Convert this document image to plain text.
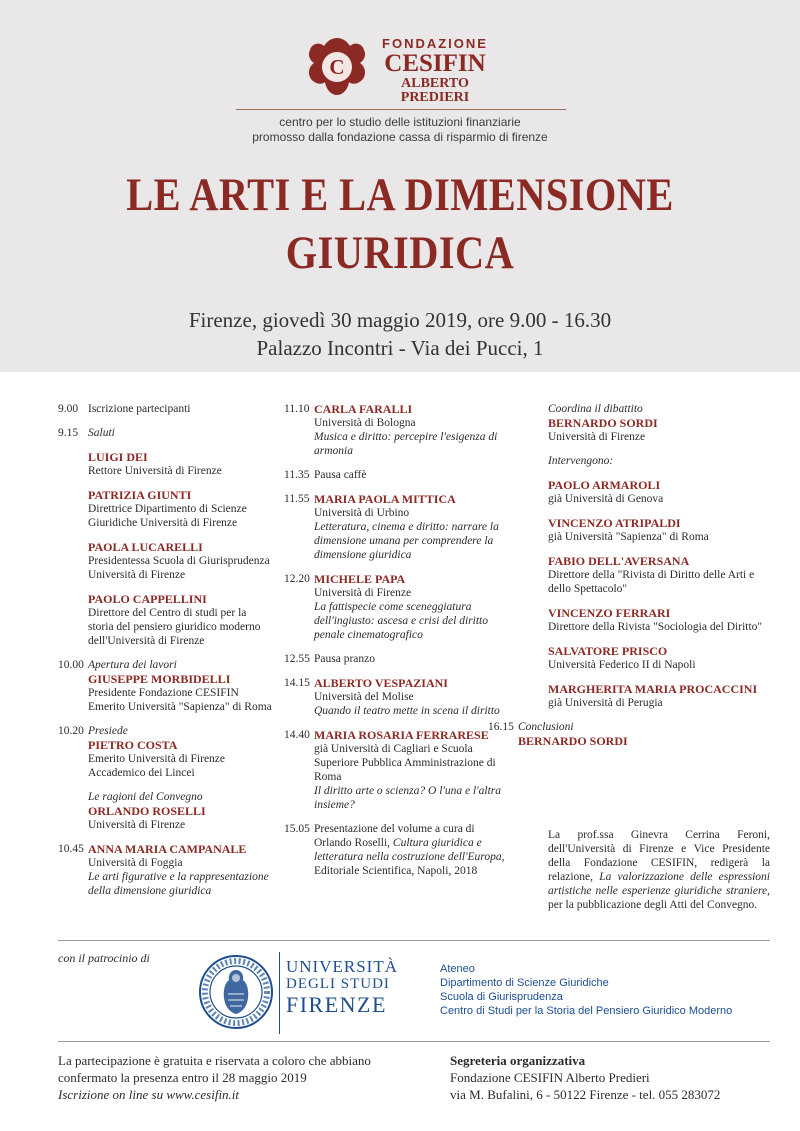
C
FONDAZIONE
CESIFIN
ALBERTO PREDIERI
centro per lo studio delle istituzioni finanziarie
promosso dalla fondazione cassa di risparmio di firenze
LE ARTI E LA DIMENSIONE
GIURIDICA
Firenze, giovedì 30 maggio 2019, ore 9.00 - 16.30
Palazzo Incontri - Via dei Pucci, 1
9.00 Iscrizione partecipanti
9.15 Saluti
LUIGI DEI
Rettore Università di Firenze
PATRIZIA GIUNTI
Direttrice Dipartimento di Scienze Giuridiche Università di Firenze
PAOLA LUCARELLI
Presidentessa Scuola di Giurisprudenza Università di Firenze
PAOLO CAPPELLINI
Direttore del Centro di studi per la storia del pensiero giuridico moderno dell'Università di Firenze
10.00 Apertura dei lavori
GIUSEPPE MORBIDELLI
Presidente Fondazione CESIFIN Emerito Università "Sapienza" di Roma
10.20 Presiede
PIETRO COSTA
Emerito Università di Firenze Accademico dei Lincei
Le ragioni del Convegno
ORLANDO ROSELLI
Università di Firenze
10.45 ANNA MARIA CAMPANALE
Università di Foggia
Le arti figurative e la rappresentazione della dimensione giuridica
11.10 CARLA FARALLI
Università di Bologna
Musica e diritto: percepire l'esigenza di armonia
11.35 Pausa caffè
11.55 MARIA PAOLA MITTICA
Università di Urbino
Letteratura, cinema e diritto: narrare la dimensione umana per comprendere la dimensione giuridica
12.20 MICHELE PAPA
Università di Firenze
La fattispecie come sceneggiatura dell'ingiusto: ascesa e crisi del diritto penale cinematografico
12.55 Pausa pranzo
14.15 ALBERTO VESPAZIANI
Università del Molise
Quando il teatro mette in scena il diritto
14.40 MARIA ROSARIA FERRARESE
già Università di Cagliari e Scuola Superiore Pubblica Amministrazione di Roma
Il diritto arte o scienza? O l'una e l'altra insieme?
15.05 Presentazione del volume a cura di Orlando Roselli, Cultura giuridica e letteratura nella costruzione dell'Europa, Editoriale Scientifica, Napoli, 2018
Coordina il dibattito
BERNARDO SORDI
Università di Firenze
Intervengono:
PAOLO ARMAROLI
già Università di Genova
VINCENZO ATRIPALDI
già Università "Sapienza" di Roma
FABIO DELL'AVERSANA
Direttore della "Rivista di Diritto delle Arti e dello Spettacolo"
VINCENZO FERRARI
Direttore della Rivista "Sociologia del Diritto"
SALVATORE PRISCO
Università Federico II di Napoli
MARGHERITA MARIA PROCACCINI
già Università di Perugia
16.15 Conclusioni
BERNARDO SORDI
La prof.ssa Ginevra Cerrina Feroni, dell'Università di Firenze e Vice Presidente della Fondazione CESIFIN, redigerà la relazione, La valorizzazione delle espressioni artistiche nelle esperienze giuridiche straniere, per la pubblicazione degli Atti del Convegno.
con il patrocinio di	UNIVERSITÀ
DEGLI STUDI
FIRENZE
Ateneo
Dipartimento di Scienze Giuridiche
Scuola di Giurisprudenza
Centro di Studi per la Storia del Pensiero Giuridico Moderno
La partecipazione è gratuita e riservata a coloro che abbiano
confermato la presenza entro il 28 maggio 2019
Iscrizione on line su www.cesifin.it
Segreteria organizzativa
Fondazione CESIFIN Alberto Predieri
via M. Bufalini, 6 - 50122 Firenze - tel. 055 283072
